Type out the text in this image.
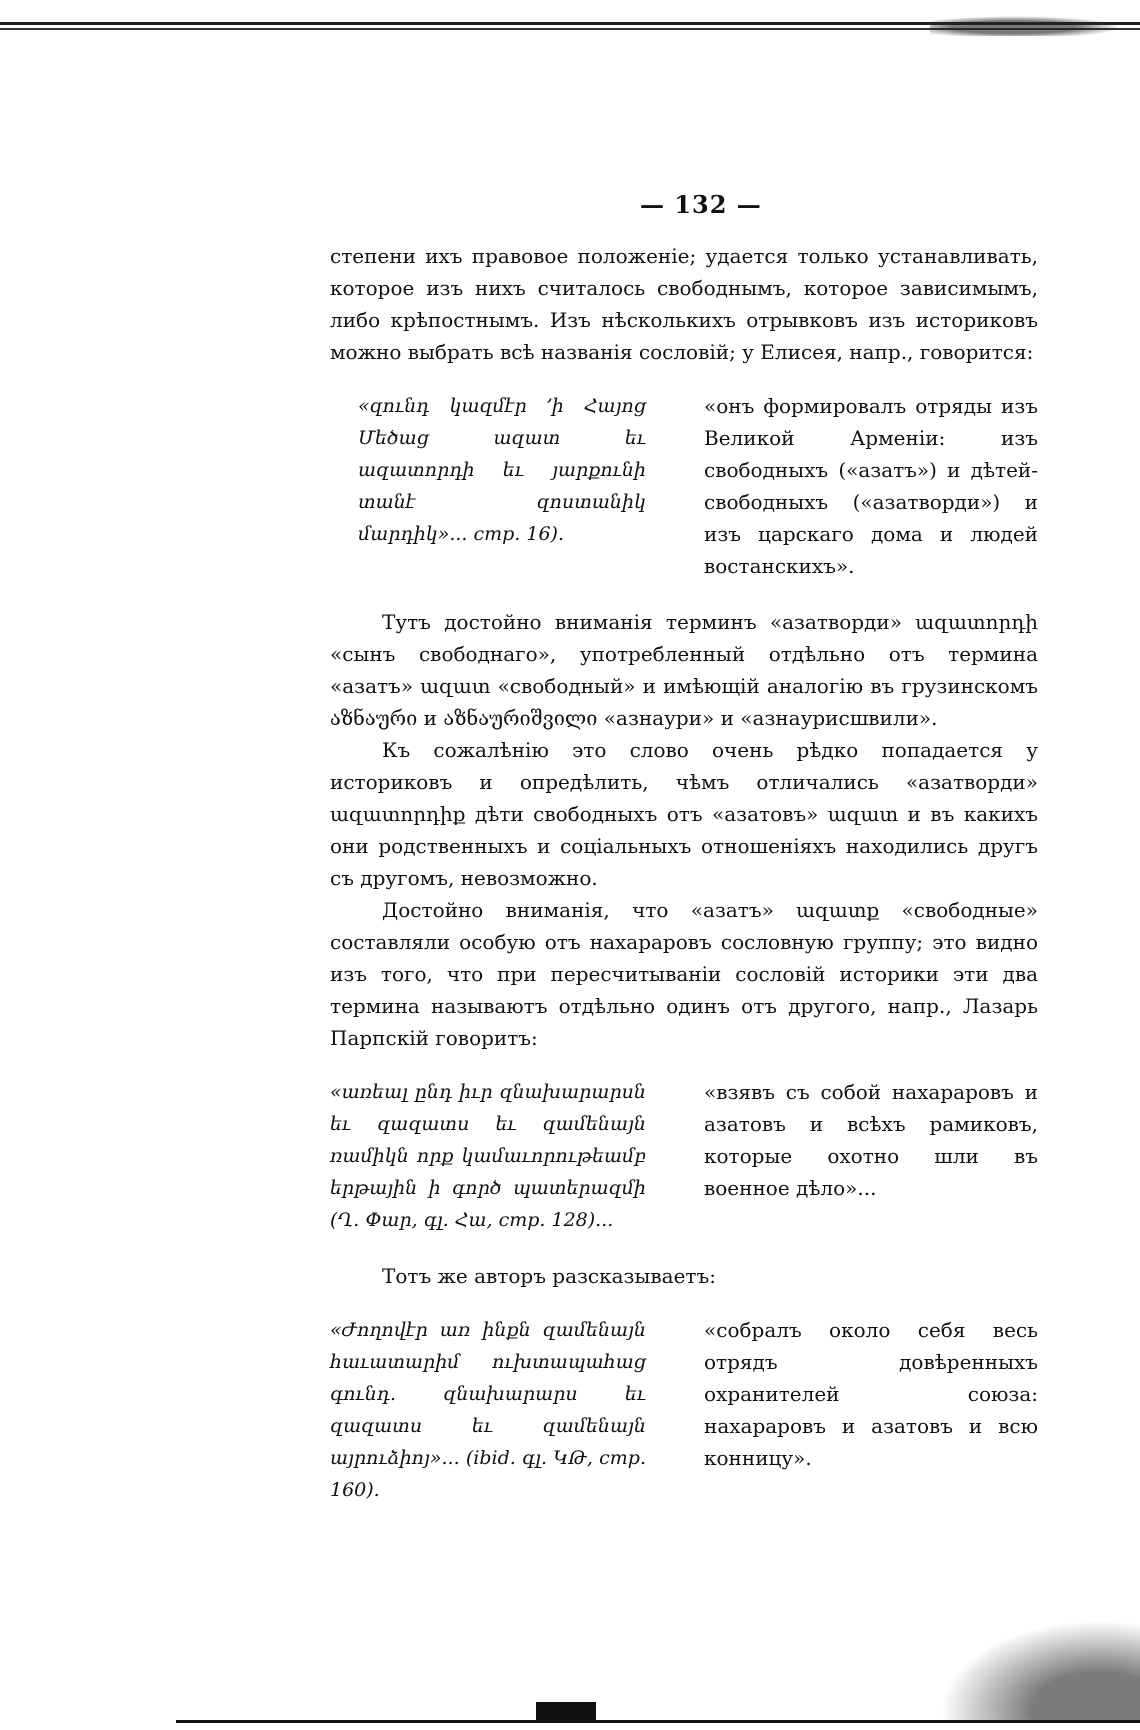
— 132 —

степени ихъ правовое положеніе; удается только устанавливать, которое изъ нихъ считалось свободнымъ, которое зависимымъ, либо крѣпостнымъ. Изъ нѣсколькихъ отрывковъ изъ историковъ можно выбрать всѣ названія сословій; у Елисея, напр., говорится:

«զունդ կազմէր ՚ի Հայոց Մեծաց ազատ եւ ազատորդի եւ յարքունի տանէ զոստանիկ մարդիկ»... стр. 16).
«онъ формировалъ отряды изъ Великой Арменіи: изъ свободныхъ («азатъ») и дѣтей-свободныхъ («азатворди») и изъ царскаго дома и людей востанскихъ».

Тутъ достойно вниманія терминъ «азатворди» ազատորդի «сынъ свободнаго», употребленный отдѣльно отъ термина «азатъ» ազատ «свободный» и имѣющій аналогію въ грузинскомъ აზნაური и აზნაურიშვილი «азнаури» и «азнаурисшвили».

Къ сожалѣнію это слово очень рѣдко попадается у историковъ и опредѣлить, чѣмъ отличались «азатворди» ազատորդիք дѣти свободныхъ отъ «азатовъ» ազատ и въ какихъ они родственныхъ и соціальныхъ отношеніяхъ находились другъ съ другомъ, невозможно.

Достойно вниманія, что «азатъ» ազատք «свободные» составляли особую отъ нахараровъ сословную группу; это видно изъ того, что при пересчитываніи сословій историки эти два термина называютъ отдѣльно одинъ отъ другого, напр., Лазарь Парпскій говоритъ:

«առեալ ընդ իւր զնախարարսն եւ զազատս եւ զամենայն ռամիկն որք կամաւորութեամբ երթային ի գործ պատերազմի (Ղ. Փար, գլ. Հա, стр. 128)...
«взявъ съ собой нахараровъ и азатовъ и всѣхъ рамиковъ, которые охотно шли въ военное дѣло»...

Тотъ же авторъ разсказываетъ:

«Ժողովէր առ ինքն զամենայն հաւատարիմ ուխտապահաց գունդ. զնախարարս եւ զազատս եւ զամենայն այրուձիոյ»... (ibid. գլ. ԿԹ, стр. 160).
«собралъ около себя весь отрядъ довѣренныхъ охранителей союза: нахараровъ и азатовъ и всю конницу».
